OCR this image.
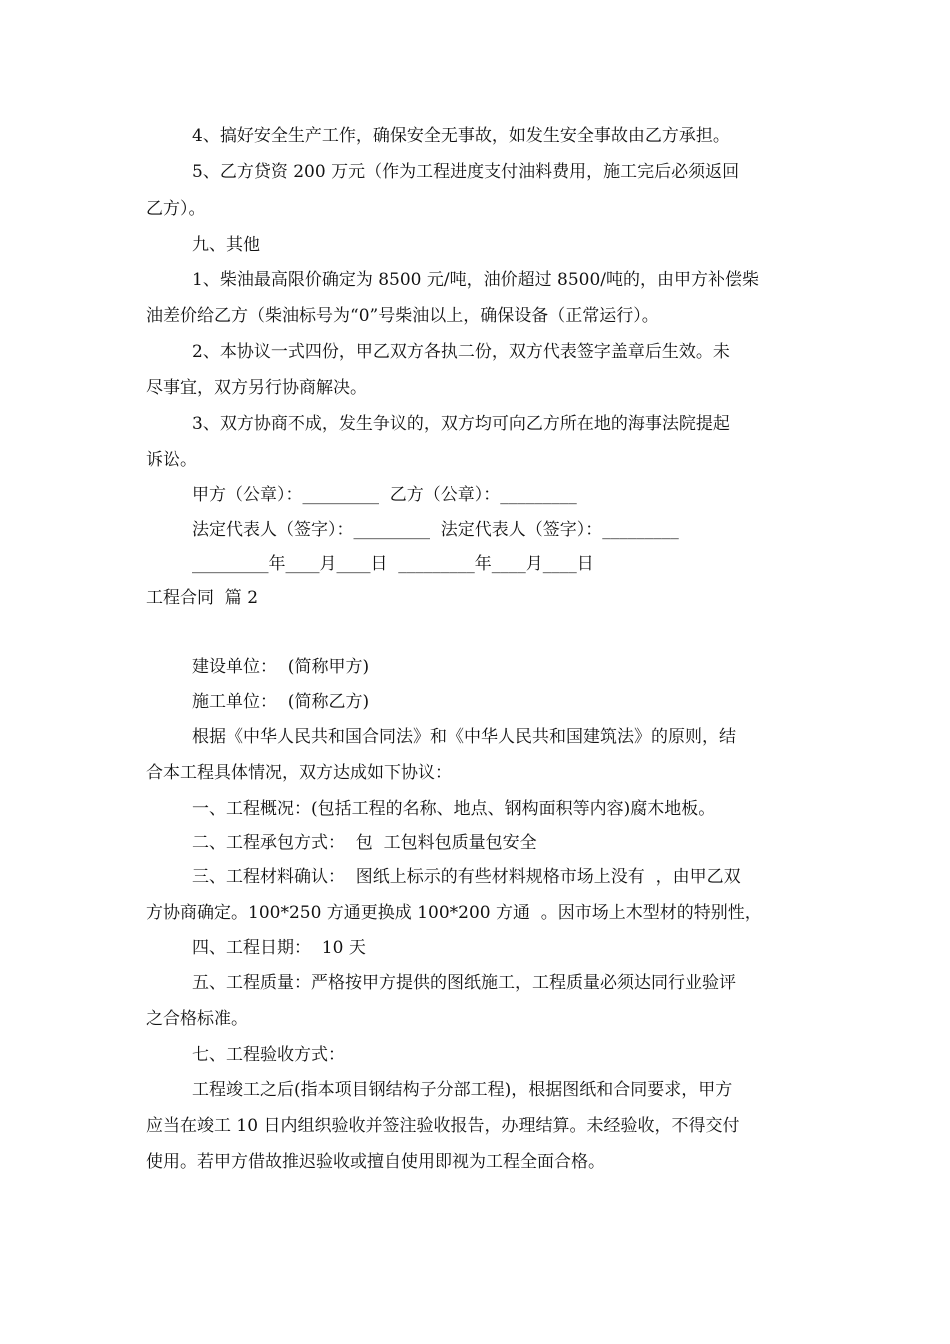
4、搞好安全生产工作，确保安全无事故，如发生安全事故由乙方承担。
5、乙方贷资 200 万元（作为工程进度支付油料费用，施工完后必须返回
乙方）。
九、其他
1、柴油最高限价确定为 8500 元/吨，油价超过 8500/吨的，由甲方补偿柴
油差价给乙方（柴油标号为“0”号柴油以上，确保设备（正常运行）。
2、本协议一式四份，甲乙双方各执二份，双方代表签字盖章后生效。未
尽事宜，双方另行协商解决。
3、双方协商不成，发生争议的，双方均可向乙方所在地的海事法院提起
诉讼。
甲方（公章）：_________  乙方（公章）：_________
法定代表人（签字）：_________  法定代表人（签字）：_________
_________年____月____日  _________年____月____日
工程合同  篇 2
建设单位：  (简称甲方)
施工单位：  (简称乙方)
根据《中华人民共和国合同法》和《中华人民共和国建筑法》的原则，结
合本工程具体情况，双方达成如下协议：
一、工程概况：(包括工程的名称、地点、钢构面积等内容)腐木地板。
二、工程承包方式：  包  工包料包质量包安全
三、工程材料确认：  图纸上标示的有些材料规格市场上没有  ，由甲乙双
方协商确定。100*250 方通更换成 100*200 方通  。因市场上木型材的特别性，
四、工程日期：  10 天
五、工程质量：严格按甲方提供的图纸施工，工程质量必须达同行业验评
之合格标准。
七、工程验收方式：
工程竣工之后(指本项目钢结构子分部工程)，根据图纸和合同要求，甲方
应当在竣工 10 日内组织验收并签注验收报告，办理结算。未经验收，不得交付
使用。若甲方借故推迟验收或擅自使用即视为工程全面合格。
